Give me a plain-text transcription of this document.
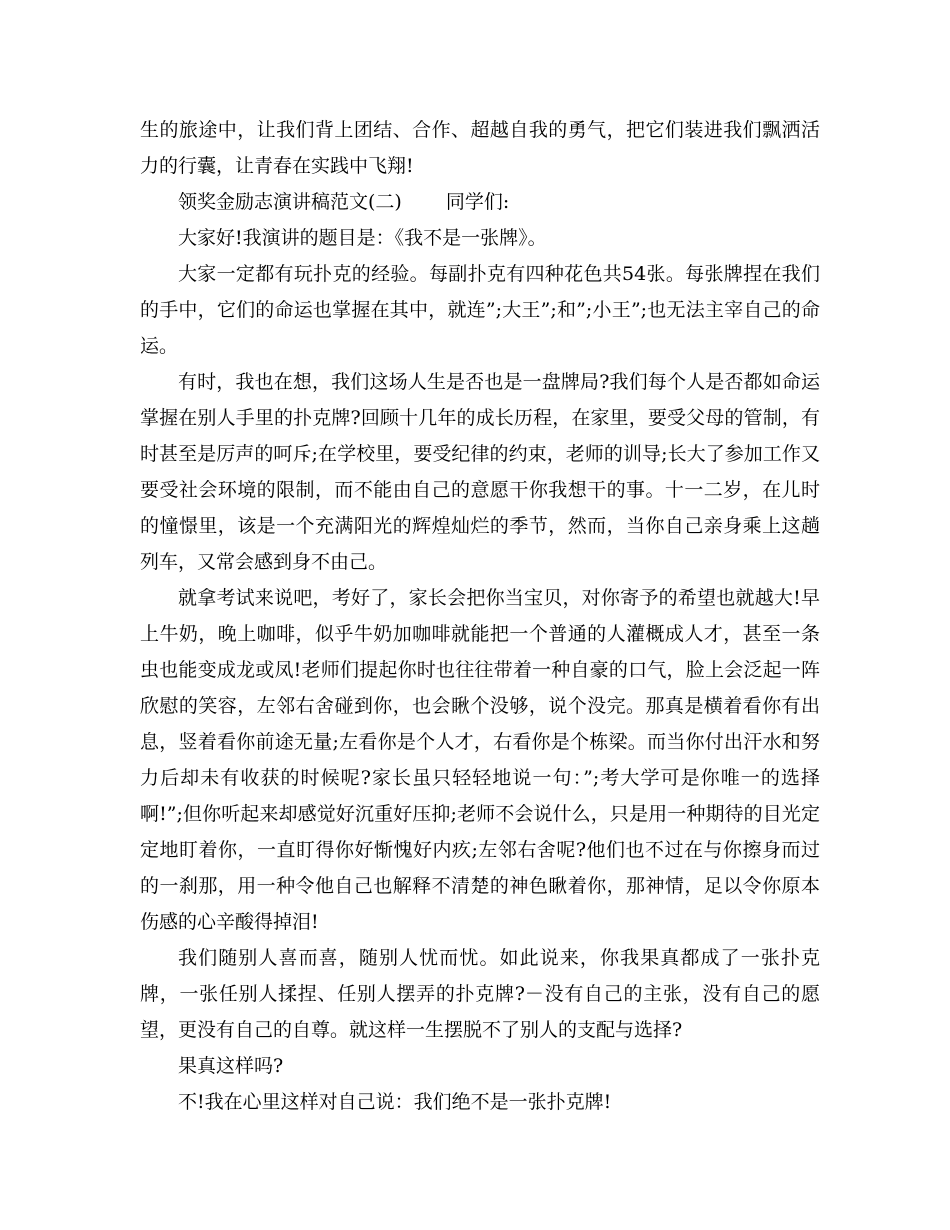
生的旅途中，让我们背上团结、合作、超越自我的勇气，把它们装进我们飘洒活力的行囊，让青春在实践中飞翔!

领奖金励志演讲稿范文(二) 同学们:

大家好!我演讲的题目是：《我不是一张牌》。

大家一定都有玩扑克的经验。每副扑克有四种花色共54张。每张牌捏在我们的手中，它们的命运也掌握在其中，就连”;大王”;和”;小王”;也无法主宰自己的命运。

有时，我也在想，我们这场人生是否也是一盘牌局?我们每个人是否都如命运掌握在别人手里的扑克牌?回顾十几年的成长历程，在家里，要受父母的管制，有时甚至是厉声的呵斥;在学校里，要受纪律的约束，老师的训导;长大了参加工作又要受社会环境的限制，而不能由自己的意愿干你我想干的事。十一二岁，在儿时的憧憬里，该是一个充满阳光的辉煌灿烂的季节，然而，当你自己亲身乘上这趟列车，又常会感到身不由己。

就拿考试来说吧，考好了，家长会把你当宝贝，对你寄予的希望也就越大!早上牛奶，晚上咖啡，似乎牛奶加咖啡就能把一个普通的人灌概成人才，甚至一条虫也能变成龙或凤!老师们提起你时也往往带着一种自豪的口气，脸上会泛起一阵欣慰的笑容，左邻右舍碰到你，也会瞅个没够，说个没完。那真是横着看你有出息，竖着看你前途无量;左看你是个人才，右看你是个栋梁。而当你付出汗水和努力后却未有收获的时候呢?家长虽只轻轻地说一句：”;考大学可是你唯一的选择啊!”;但你听起来却感觉好沉重好压抑;老师不会说什么，只是用一种期待的目光定定地盯着你，一直盯得你好惭愧好内疚;左邻右舍呢?他们也不过在与你擦身而过的一刹那，用一种令他自己也解释不清楚的神色瞅着你，那神情，足以令你原本伤感的心辛酸得掉泪!

我们随别人喜而喜，随别人忧而忧。如此说来，你我果真都成了一张扑克牌，一张任别人揉捏、任别人摆弄的扑克牌?－没有自己的主张，没有自己的愿望，更没有自己的自尊。就这样一生摆脱不了别人的支配与选择?

果真这样吗?

不!我在心里这样对自己说：我们绝不是一张扑克牌!
